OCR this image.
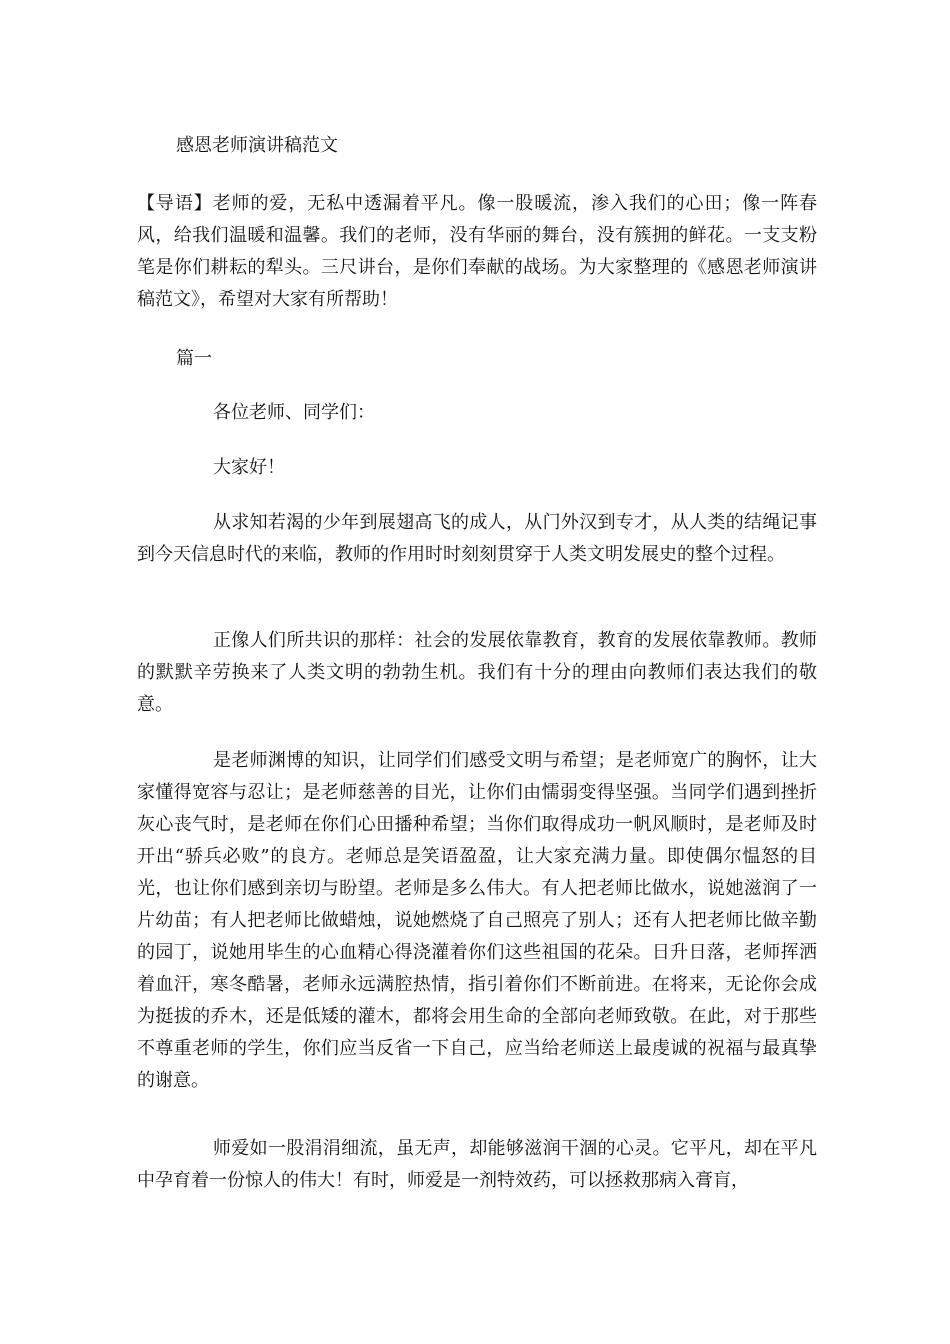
感恩老师演讲稿范文

【导语】老师的爱，无私中透漏着平凡。像一股暖流，渗入我们的心田；像一阵春风，给我们温暖和温馨。我们的老师，没有华丽的舞台，没有簇拥的鲜花。一支支粉笔是你们耕耘的犁头。三尺讲台，是你们奉献的战场。为大家整理的《感恩老师演讲稿范文》，希望对大家有所帮助！

篇一

各位老师、同学们：

大家好！

从求知若渴的少年到展翅高飞的成人，从门外汉到专才，从人类的结绳记事到今天信息时代的来临，教师的作用时时刻刻贯穿于人类文明发展史的整个过程。

正像人们所共识的那样：社会的发展依靠教育，教育的发展依靠教师。教师的默默辛劳换来了人类文明的勃勃生机。我们有十分的理由向教师们表达我们的敬意。

是老师渊博的知识，让同学们们感受文明与希望；是老师宽广的胸怀，让大家懂得宽容与忍让；是老师慈善的目光，让你们由懦弱变得坚强。当同学们遇到挫折灰心丧气时，是老师在你们心田播种希望；当你们取得成功一帆风顺时，是老师及时开出“骄兵必败”的良方。老师总是笑语盈盈，让大家充满力量。即使偶尔愠怒的目光，也让你们感到亲切与盼望。老师是多么伟大。有人把老师比做水，说她滋润了一片幼苗；有人把老师比做蜡烛，说她燃烧了自己照亮了别人；还有人把老师比做辛勤的园丁，说她用毕生的心血精心得浇灌着你们这些祖国的花朵。日升日落，老师挥洒着血汗，寒冬酷暑，老师永远满腔热情，指引着你们不断前进。在将来，无论你会成为挺拔的乔木，还是低矮的灌木，都将会用生命的全部向老师致敬。在此，对于那些不尊重老师的学生，你们应当反省一下自己，应当给老师送上最虔诚的祝福与最真挚的谢意。

师爱如一股涓涓细流，虽无声，却能够滋润干涸的心灵。它平凡，却在平凡中孕育着一份惊人的伟大！有时，师爱是一剂特效药，可以拯救那病入膏肓，
